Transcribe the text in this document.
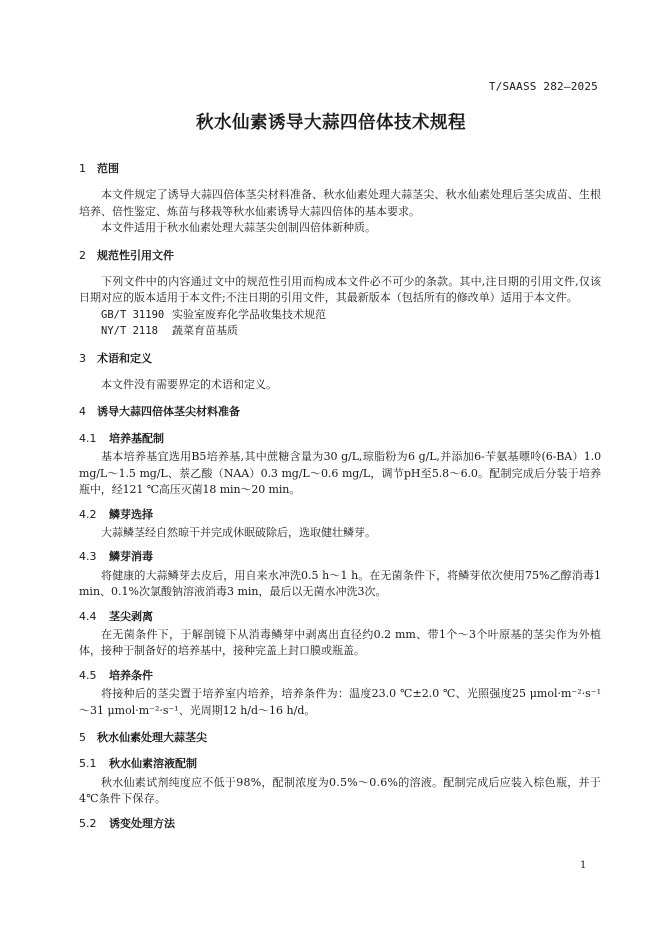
T/SAASS 282—2025
秋水仙素诱导大蒜四倍体技术规程
1 范围

本文件规定了诱导大蒜四倍体茎尖材料准备、秋水仙素处理大蒜茎尖、秋水仙素处理后茎尖成苗、生根培养、倍性鉴定、炼苗与移栽等秋水仙素诱导大蒜四倍体的基本要求。

本文件适用于秋水仙素处理大蒜茎尖创制四倍体新种质。

2 规范性引用文件

下列文件中的内容通过文中的规范性引用而构成本文件必不可少的条款。其中,注日期的引用文件,仅该日期对应的版本适用于本文件;不注日期的引用文件，其最新版本（包括所有的修改单）适用于本文件。

GB/T 31190 实验室废弃化学品收集技术规范

NY/T 2118 蔬菜育苗基质

3 术语和定义

本文件没有需要界定的术语和定义。

4 诱导大蒜四倍体茎尖材料准备
4.1 培养基配制

基本培养基宜选用B5培养基,其中蔗糖含量为30 g/L,琼脂粉为6 g/L,并添加6-苄氨基嘌呤(6-BA）1.0 mg/L～1.5 mg/L、萘乙酸（NAA）0.3 mg/L～0.6 mg/L，调节pH至5.8～6.0。配制完成后分装于培养瓶中，经121 ℃高压灭菌18 min～20 min。

4.2 鳞芽选择

大蒜鳞茎经自然晾干并完成休眠破除后，选取健壮鳞芽。

4.3 鳞芽消毒

将健康的大蒜鳞芽去皮后，用自来水冲洗0.5 h～1 h。在无菌条件下，将鳞芽依次使用75%乙醇消毒1 min、0.1%次氯酸钠溶液消毒3 min，最后以无菌水冲洗3次。

4.4 茎尖剥离

在无菌条件下，于解剖镜下从消毒鳞芽中剥离出直径约0.2 mm、带1个～3个叶原基的茎尖作为外植体，接种于制备好的培养基中，接种完盖上封口膜或瓶盖。

4.5 培养条件

将接种后的茎尖置于培养室内培养，培养条件为：温度23.0 ℃±2.0 ℃、光照强度25 μmol·m⁻²·s⁻¹～31 μmol·m⁻²·s⁻¹、光周期12 h/d～16 h/d。

5 秋水仙素处理大蒜茎尖
5.1 秋水仙素溶液配制

秋水仙素试剂纯度应不低于98%，配制浓度为0.5%～0.6%的溶液。配制完成后应装入棕色瓶，并于4℃条件下保存。

5.2 诱变处理方法
1
